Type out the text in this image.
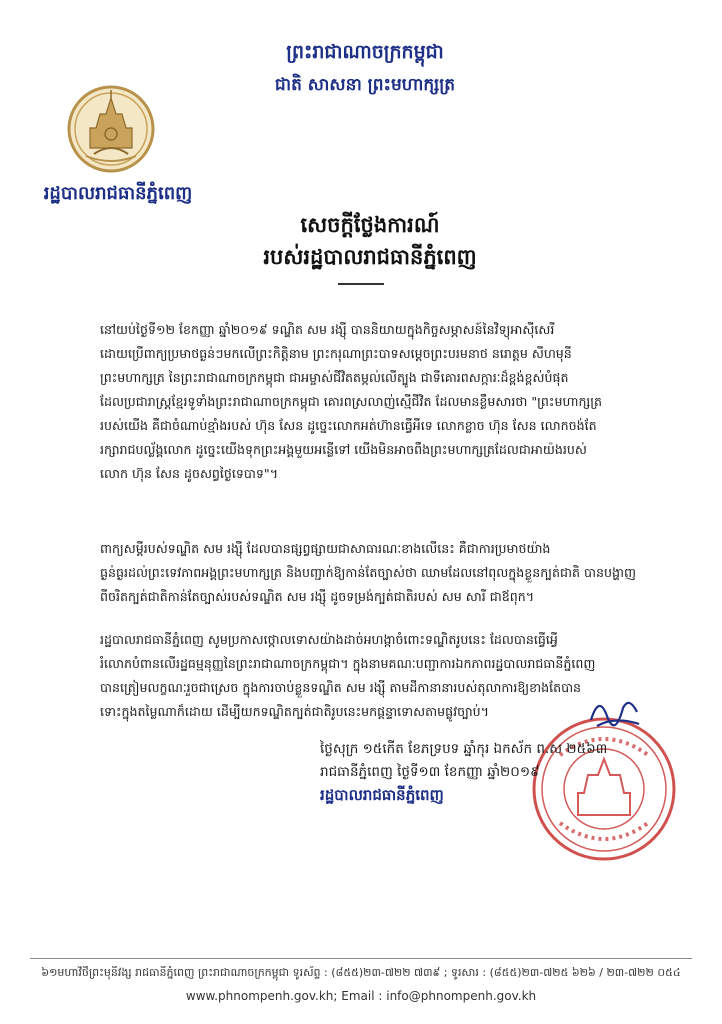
ព្រះរាជាណាចក្រកម្ពុជា
ជាតិ សាសនា ព្រះមហាក្សត្រ
រដ្ឋបាលរាជធានីភ្នំពេញ
សេចក្តីថ្លែងការណ៍
របស់រដ្ឋបាលរាជធានីភ្នំពេញ
នៅយប់ថ្ងៃទី១២ ខែកញ្ញា ឆ្នាំ២០១៩ ទណ្ឌិត សម រង្ស៊ី បាននិយាយក្នុងកិច្ចសម្ភាសន៍នៃវិទ្យុអាស៊ីសេរី
ដោយប្រើពាក្យប្រមាថធ្ងន់ៗមកលើព្រះកិត្តិនាម ព្រះករុណាព្រះបាទសម្តេចព្រះបរមនាថ នរោត្តម សីហមុនី
ព្រះមហាក្សត្រ នៃព្រះរាជាណាចក្រកម្ពុជា ជាអម្ចាស់ជីវិតតម្កល់លើត្បូង ជាទីគោរពសក្ការៈដ៏ខ្ពង់ខ្ពស់បំផុត
ដែលប្រជារាស្ត្រខ្មែរទូទាំងព្រះរាជាណាចក្រកម្ពុជា គោរពស្រលាញ់ស្មើជីវិត ដែលមានខ្លឹមសារថា "ព្រះមហាក្សត្រ
របស់យើង គឺជាចំណាប់ខ្មាំងរបស់ ហ៊ុន សែន ដូច្នេះលោកអត់ហ៊ានធ្វើអីទេ លោកខ្លាច ហ៊ុន សែន លោកចង់តែ
រក្សារាជបល្ល័ង្គលោក ដូច្នេះយើងទុកព្រះអង្គមួយអន្លើទៅ យើងមិនអាចពឹងព្រះមហាក្សត្រដែលជាអាយ៉ងរបស់
លោក ហ៊ុន សែន ដូចសព្វថ្ងៃទេបាទ"។
ពាក្យសម្តីរបស់ទណ្ឌិត សម រង្ស៊ី ដែលបានផ្សព្វផ្សាយជាសាធារណៈខាងលើនេះ គឺជាការប្រមាថយ៉ាង
ធ្ងន់ធ្ងរដល់ព្រះទេវភាពអង្គព្រះមហាក្សត្រ និងបញ្ជាក់ឱ្យកាន់តែច្បាស់ថា ឈាមដែលនៅពុលក្នុងខ្លួនក្បត់ជាតិ បានបង្ហាញ
ពីចរិតក្បត់ជាតិកាន់តែច្បាស់របស់ទណ្ឌិត សម រង្ស៊ី ដូចទម្រង់ក្បត់ជាតិរបស់ សម សារី ជាឪពុក។
រដ្ឋបាលរាជធានីភ្នំពេញ សូមប្រកាសថ្កោលទោសយ៉ាងដាច់អហង្កាចំពោះទណ្ឌិតរូបនេះ ដែលបានធ្វើអ្វើ
រំលោភបំពានលើរដ្ឋធម្មនុញ្ញនៃព្រះរាជាណាចក្រកម្ពុជា។ ក្នុងនាមគណៈបញ្ជាការឯកភាពរដ្ឋបាលរាជធានីភ្នំពេញ
បានត្រៀមលក្ខណៈរួចជាស្រេច ក្នុងការចាប់ខ្លួនទណ្ឌិត សម រង្ស៊ី តាមដីកានានារបស់តុលាការឱ្យខាងតែបាន
ទោះក្នុងតម្លៃណាក៏ដោយ ដើម្បីយកទណ្ឌិតក្បត់ជាតិរូបនេះមកផ្តន្ទាទោសតាមផ្លូវច្បាប់។
ថ្ងៃសុក្រ ១៥កើត ខែភទ្របទ ឆ្នាំកុរ ឯកស័ក ព.ស ២៥៦៣
រាជធានីភ្នំពេញ ថ្ងៃទី១៣ ខែកញ្ញា ឆ្នាំ២០១៩
រដ្ឋបាលរាជធានីភ្នំពេញ
៦១មហាវិថីព្រះមុនីវង្ស រាជធានីភ្នំពេញ ព្រះរាជាណាចក្រកម្ពុជា ទូរស័ព្ទ : (៨៥៥)២៣-៧២២ ៧៣៩ ; ទូរសារ : (៨៥៥)២៣-៧២៥ ៦២៦ / ២៣-៧២២ ០៥៤
www.phnompenh.gov.kh; Email : info@phnompenh.gov.kh
